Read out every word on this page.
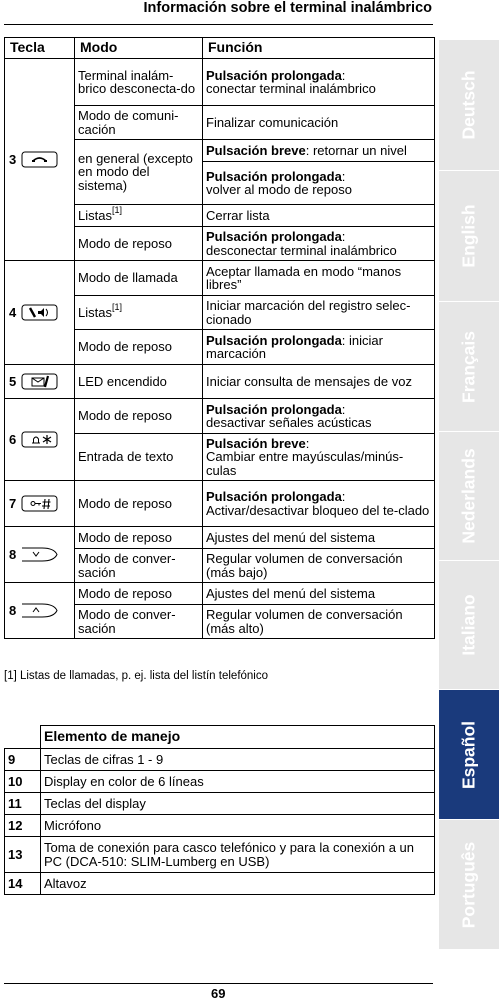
Información sobre el terminal inalámbrico
Tecla	Modo	Función
3	Terminal inalám-brico desconecta-do	Pulsación prolongada:
conectar terminal inalámbrico
	Modo de comuni-cación	Finalizar comunicación
	en general (excepto en modo del sistema)	Pulsación breve: retornar un nivel
		Pulsación prolongada:
volver al modo de reposo
	Listas[1]	Cerrar lista
	Modo de reposo	Pulsación prolongada:
desconectar terminal inalámbrico
4	Modo de llamada	Aceptar llamada en modo “manos libres”
	Listas[1]	Iniciar marcación del registro selec-cionado
	Modo de reposo	Pulsación prolongada: iniciar marcación
5	LED encendido	Iniciar consulta de mensajes de voz
6	Modo de reposo	Pulsación prolongada:
desactivar señales acústicas
	Entrada de texto	Pulsación breve:
Cambiar entre mayúsculas/minús-culas
7	Modo de reposo	Pulsación prolongada:
Activar/desactivar bloqueo del te-clado
8	Modo de reposo	Ajustes del menú del sistema
	Modo de conver-sación	Regular volumen de conversación (más bajo)
8	Modo de reposo	Ajustes del menú del sistema
	Modo de conver-sación	Regular volumen de conversación (más alto)
[1] Listas de llamadas, p. ej. lista del listín telefónico
	Elemento de manejo
9	Teclas de cifras 1 - 9
10	Display en color de 6 líneas
11	Teclas del display
12	Micrófono
13	Toma de conexión para casco telefónico y para la conexión a un PC (DCA-510: SLIM-Lumberg en USB)
14	Altavoz
69
Deutsch
English
Français
Nederlands
Italiano
Español
Português
